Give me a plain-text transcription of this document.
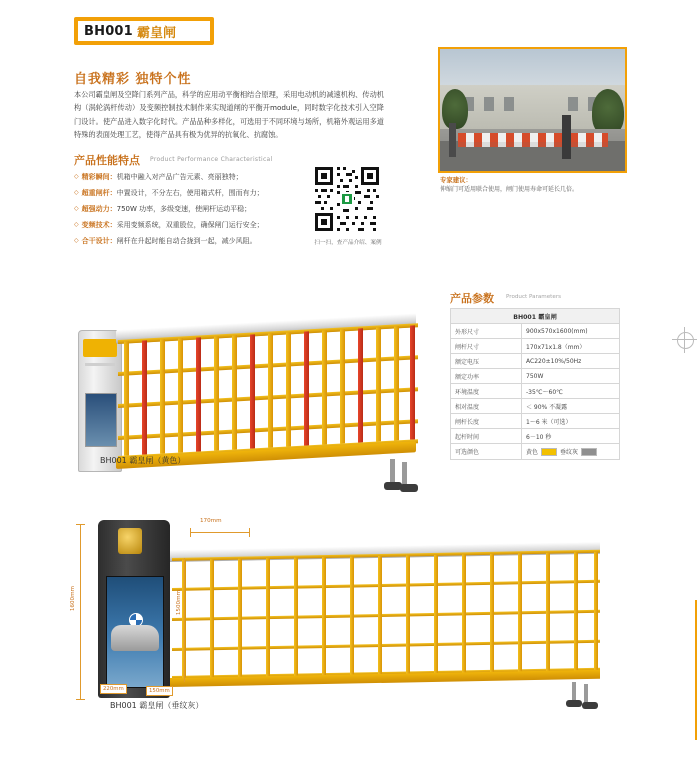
BH001 霸皇闸
自我精彩 独特个性
本公司霸皇闸及空降门系列产品，科学的应用动平衡相结合原理，采用电动机的减速机构、传动机构（涡轮涡杆传动）及变频控制技术制作来实现道闸的平衡开module，同时数字化技术引入空降门设计。使产品进入数字化时代。产品品种多样化，可选用于不同环境与场所，机箱外观运用多道特殊的表面处理工艺，使得产品具有极为优异的抗氧化、抗腐蚀。
产品性能特点 Product Performance Characteristical
◇ 精彩瞬间： 机箱中融入对产品广告元素、亮丽独特；
◇ 超重闸杆： 中置设计，不分左右，使用箱式杆，围而有力；
◇ 超强动力： 750W 功率，多级变速，使闸杆运动平稳；
◇ 变频技术： 采用变频系统，双重股位，确保闸门运行安全；
◇ 合干设计： 闸杆在升起时能自动合拢到一起，减少风阻。	扫一扫，查产品介绍、案例
专家建议：
伸缩门可适用联合使用，闸门使用寿命可延长几倍。
BH001 霸皇闸（黄色）
产品参数 Product Parameters
BH001 霸皇闸	
外形尺寸	900x570x1600(mm)
闸杆尺寸	170x71x1.8（mm）
额定电压	AC220±10%/50Hz
额定功率	750W
环境温度	-35℃～60℃
相对温度	＜ 90% 不凝露
闸杆长度	1～6 米（可选）
起杆时间	6－10 秒
可选颜色	黄色 垂纹灰
170mm
1600mm	1500mm
220mm	150mm
BH001 霸皇闸（垂纹灰）
